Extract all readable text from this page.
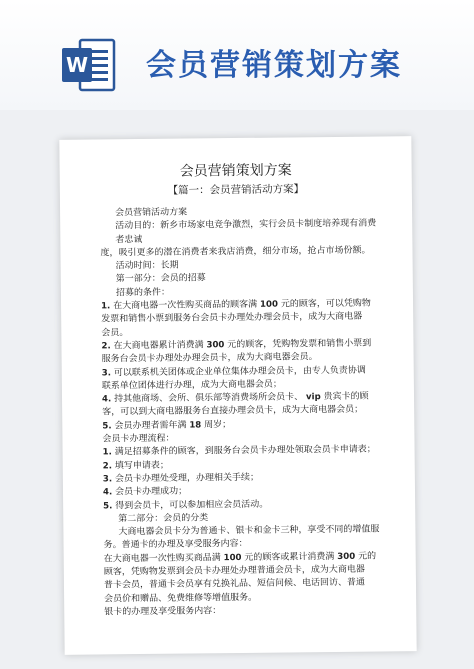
W 会员营销策划方案
会员营销策划方案
【篇一：会员营销活动方案】
会员营销活动方案
活动目的：新乡市场家电竞争激烈，实行会员卡制度培养现有消费
者忠诚
度，吸引更多的潜在消费者来我店消费，细分市场，抢占市场份额。
活动时间：长期
第一部分：会员的招募
招募的条件：
1. 在大商电器一次性购买商品的顾客满 100 元的顾客，可以凭购物
发票和销售小票到服务台会员卡办理处办理会员卡，成为大商电器
会员。
2. 在大商电器累计消费满 300 元的顾客，凭购物发票和销售小票到
服务台会员卡办理处办理会员卡，成为大商电器会员。
3. 可以联系机关团体或企业单位集体办理会员卡，由专人负责协调
联系单位团体进行办理，成为大商电器会员；
4. 持其他商场、会所、俱乐部等消费场所会员卡、 vip 贵宾卡的顾
客，可以到大商电器服务台直接办理会员卡，成为大商电器会员；
5. 会员办理者需年满 18 周岁；
会员卡办理流程：
1. 满足招募条件的顾客，到服务台会员卡办理处领取会员卡申请表；
2. 填写申请表；
3. 会员卡办理处受理，办理相关手续；
4. 会员卡办理成功；
5. 得到会员卡，可以参加相应会员活动。
第二部分：会员的分类
大商电器会员卡分为普通卡、银卡和金卡三种，享受不同的增值服
务。普通卡的办理及享受服务内容：
在大商电器一次性购买商品满 100 元的顾客或累计消费满 300 元的
顾客，凭购物发票到会员卡办理处办理普通会员卡，成为大商电器
普卡会员，普通卡会员享有兑换礼品、短信问候、电话回访、普通
会员价和赠品、免费维修等增值服务。
银卡的办理及享受服务内容：
